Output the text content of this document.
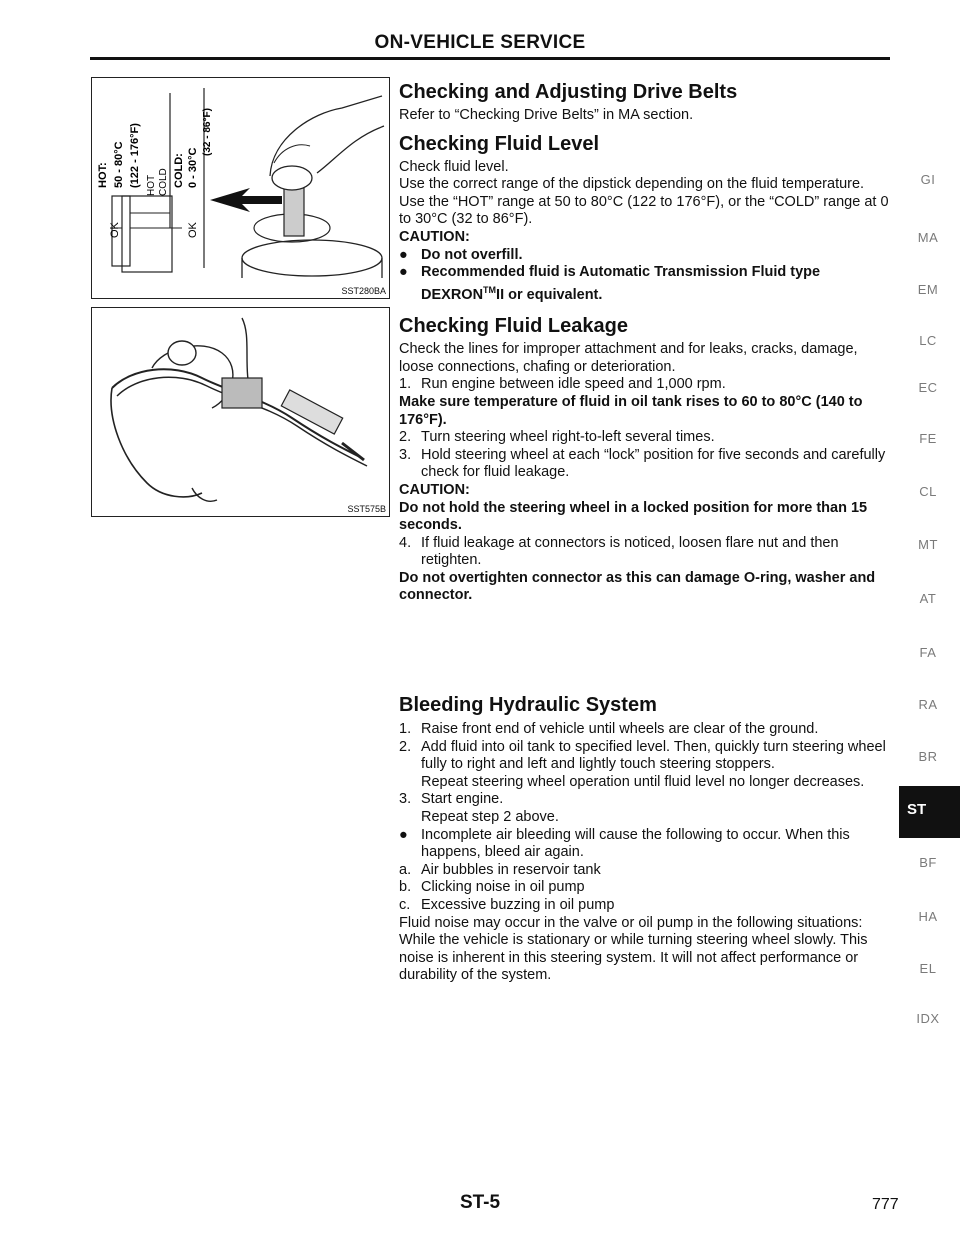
ON-VEHICLE SERVICE
HOT: 50 - 80°C (122 - 176°F)
OK
HOT COLD COLD: 0 - 30°C
(32 - 86°F)
OK
SST280BA
SST575B
Checking and Adjusting Drive Belts

Refer to “Checking Drive Belts” in MA section.

Checking Fluid Level

Check fluid level.

Use the correct range of the dipstick depending on the fluid temperature. Use the “HOT” range at 50 to 80°C (122 to 176°F), or the “COLD” range at 0 to 30°C (32 to 86°F).

CAUTION:

● Do not overfill.
● Recommended fluid is Automatic Transmission Fluid type DEXRON™II or equivalent.
Checking Fluid Leakage

Check the lines for improper attachment and for leaks, cracks, damage, loose connections, chafing or deterioration.

1. Run engine between idle speed and 1,000 rpm.

Make sure temperature of fluid in oil tank rises to 60 to 80°C (140 to 176°F).

2. Turn steering wheel right-to-left several times.
3. Hold steering wheel at each “lock” position for five seconds and carefully check for fluid leakage.

CAUTION:

Do not hold the steering wheel in a locked position for more than 15 seconds.

4. If fluid leakage at connectors is noticed, loosen flare nut and then retighten.

Do not overtighten connector as this can damage O-ring, washer and connector.

Bleeding Hydraulic System
1. Raise front end of vehicle until wheels are clear of the ground.
2. Add fluid into oil tank to specified level. Then, quickly turn steering wheel fully to right and left and lightly touch steering stoppers.
Repeat steering wheel operation until fluid level no longer decreases.
3. Start engine.
Repeat step 2 above.
● Incomplete air bleeding will cause the following to occur. When this happens, bleed air again.
a. Air bubbles in reservoir tank
b. Clicking noise in oil pump
c. Excessive buzzing in oil pump

Fluid noise may occur in the valve or oil pump in the following situations: While the vehicle is stationary or while turning steering wheel slowly. This noise is inherent in this steering system. It will not affect performance or durability of the system.

ST
GI
MA
EM
LC
EC
FE
CL
MT
AT
FA
RA
BR
BF
HA
EL
IDX
ST-5	777
